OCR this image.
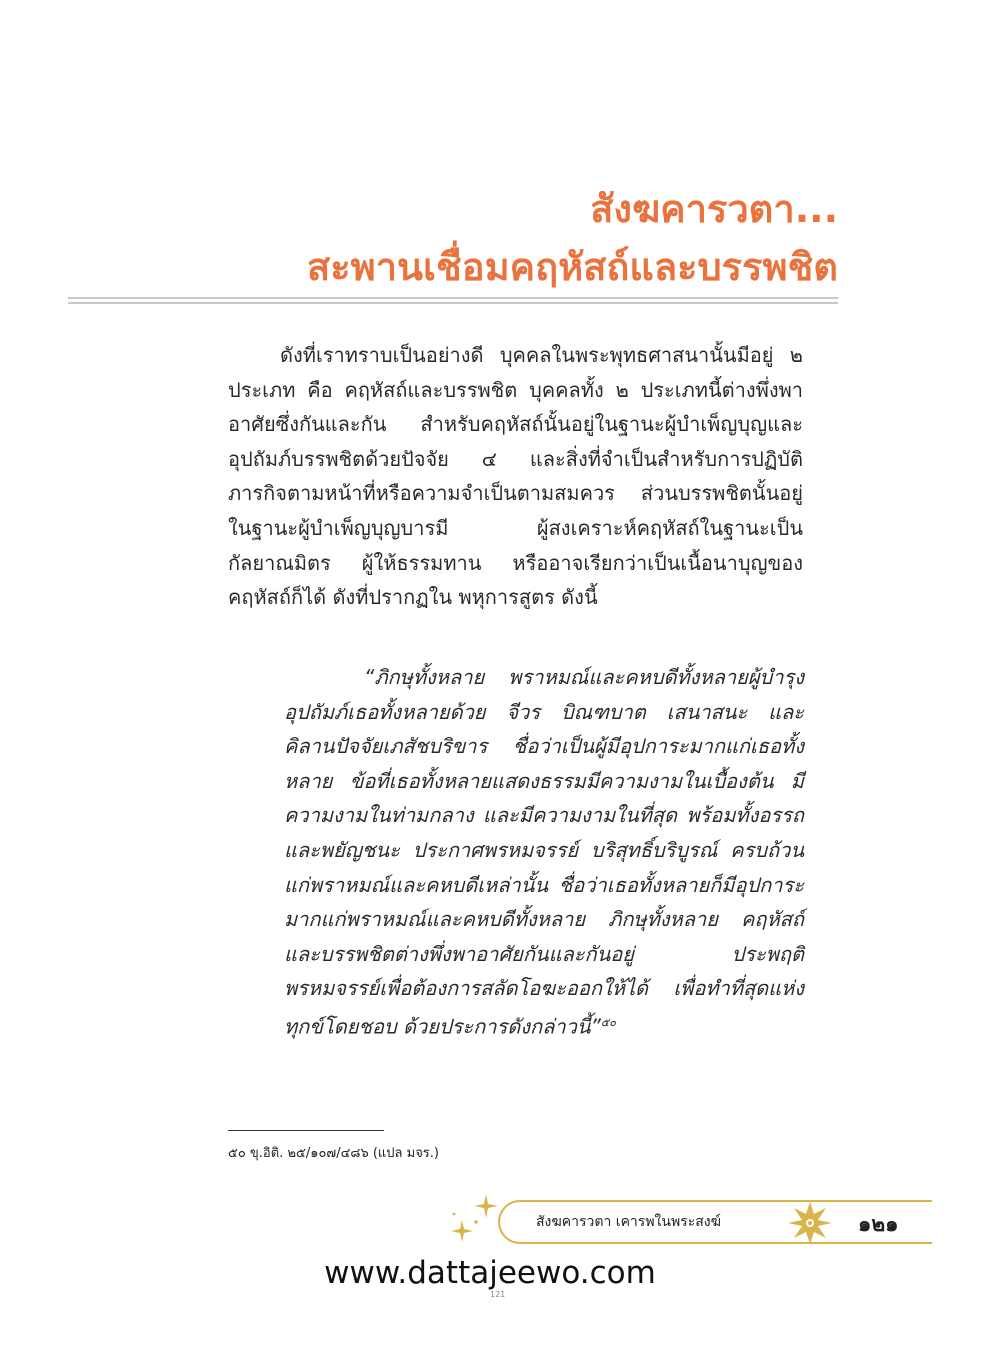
สังฆคารวตา...
สะพานเชื่อมคฤหัสถ์และบรรพชิต

ดังที่เราทราบเป็นอย่างดี บุคคลในพระพุทธศาสนานั้นมีอยู่ ๒ ประเภท คือ คฤหัสถ์และบรรพชิต บุคคลทั้ง ๒ ประเภทนี้ต่างพึ่งพาอาศัยซึ่งกันและกัน สำหรับคฤหัสถ์นั้นอยู่ในฐานะผู้บำเพ็ญบุญและอุปถัมภ์บรรพชิตด้วยปัจจัย ๔ และสิ่งที่จำเป็นสำหรับการปฏิบัติภารกิจตามหน้าที่หรือความจำเป็นตามสมควร ส่วนบรรพชิตนั้นอยู่ในฐานะผู้บำเพ็ญบุญบารมี ผู้สงเคราะห์คฤหัสถ์ในฐานะเป็นกัลยาณมิตร ผู้ให้ธรรมทาน หรืออาจเรียกว่าเป็นเนื้อนาบุญของคฤหัสถ์ก็ได้ ดังที่ปรากฏใน พหุการสูตร ดังนี้

“ภิกษุทั้งหลาย พราหมณ์และคหบดีทั้งหลายผู้บำรุงอุปถัมภ์เธอทั้งหลายด้วย จีวร บิณฑบาต เสนาสนะ และคิลานปัจจัยเภสัชบริขาร ชื่อว่าเป็นผู้มีอุปการะมากแก่เธอทั้งหลาย ข้อที่เธอทั้งหลายแสดงธรรมมีความงามในเบื้องต้น มีความงามในท่ามกลาง และมีความงามในที่สุด พร้อมทั้งอรรถและพยัญชนะ ประกาศพรหมจรรย์ บริสุทธิ์บริบูรณ์ ครบถ้วนแก่พราหมณ์และคหบดีเหล่านั้น ชื่อว่าเธอทั้งหลายก็มีอุปการะมากแก่พราหมณ์และคหบดีทั้งหลาย ภิกษุทั้งหลาย คฤหัสถ์และบรรพชิตต่างพึ่งพาอาศัยกันและกันอยู่ ประพฤติพรหมจรรย์เพื่อต้องการสลัดโอฆะออกให้ได้ เพื่อทำที่สุดแห่งทุกข์โดยชอบ ด้วยประการดังกล่าวนี้”$^{๕๐}$

๕๐ ขุ.อิติ. ๒๕/๑๐๗/๔๘๖ (แปล มจร.)
สังฆคารวตา เคารพในพระสงฆ์	๑๒๑
www.dattajeewo.com
121
